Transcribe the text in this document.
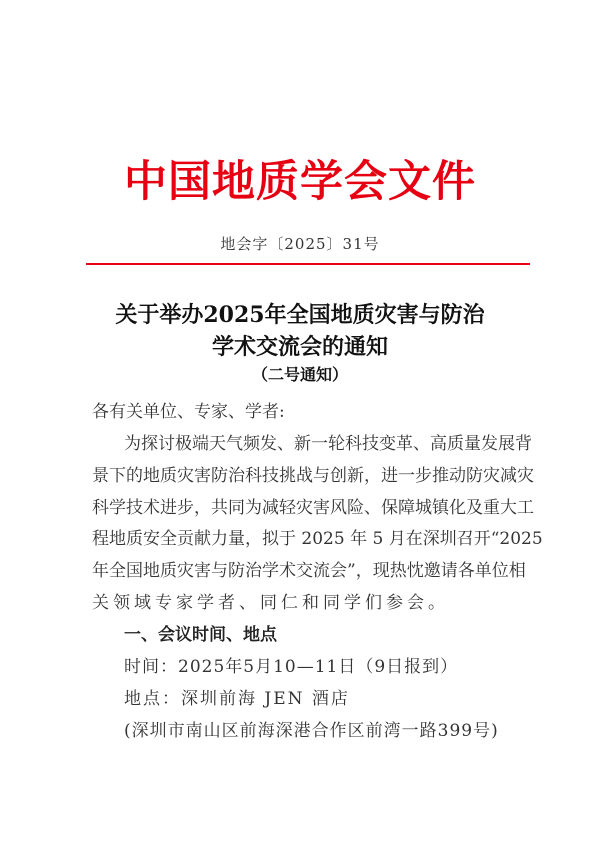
中国地质学会文件
地会字〔2025〕31号
关于举办2025年全国地质灾害与防治
学术交流会的通知
（二号通知）
各有关单位、专家、学者:
为探讨极端天气频发、新一轮科技变革、高质量发展背
景下的地质灾害防治科技挑战与创新，进一步推动防灾减灾
科学技术进步，共同为减轻灾害风险、保障城镇化及重大工
程地质安全贡献力量，拟于 2025 年 5 月在深圳召开“2025
年全国地质灾害与防治学术交流会”，现热忱邀请各单位相
关领域专家学者、同仁和同学们参会。
一、会议时间、地点
时间：2025年5月10—11日（9日报到）
地点：深圳前海 JEN 酒店
(深圳市南山区前海深港合作区前湾一路399号)
